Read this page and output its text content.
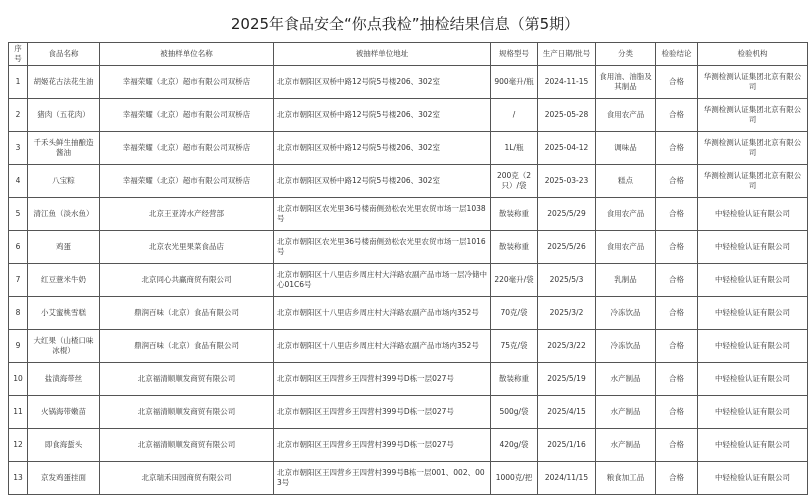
2025年食品安全“你点我检”抽检结果信息（第5期）
序号	食品名称	被抽样单位名称	被抽样单位地址	规格型号	生产日期/批号	分类	检验结论	检验机构
1	胡姬花古法花生油	幸福荣耀（北京）超市有限公司双桥店	北京市朝阳区双桥中路12号院5号楼206、302室	900毫升/瓶	2024-11-15	食用油、油脂及其制品	合格	华测检测认证集团北京有限公司
2	猪肉（五花肉）	幸福荣耀（北京）超市有限公司双桥店	北京市朝阳区双桥中路12号院5号楼206、302室	/	2025-05-28	食用农产品	合格	华测检测认证集团北京有限公司
3	千禾头鲜生抽酿造酱油	幸福荣耀（北京）超市有限公司双桥店	北京市朝阳区双桥中路12号院5号楼206、302室	1L/瓶	2025-04-12	调味品	合格	华测检测认证集团北京有限公司
4	八宝粽	幸福荣耀（北京）超市有限公司双桥店	北京市朝阳区双桥中路12号院5号楼206、302室	200克（2只）/袋	2025-03-23	糕点	合格	华测检测认证集团北京有限公司
5	清江鱼（淡水鱼）	北京王亚涛水产经营部	北京市朝阳区农光里36号楼南侧劲松农光里农贸市场一层1038号	散装称重	2025/5/29	食用农产品	合格	中轻检验认证有限公司
6	鸡蛋	北京农光里果菜食品店	北京市朝阳区农光里36号楼南侧劲松农光里农贸市场一层1016号	散装称重	2025/5/26	食用农产品	合格	中轻检验认证有限公司
7	红豆薏米牛奶	北京同心共赢商贸有限公司	北京市朝阳区十八里店乡周庄村大洋路农副产品市场一层冷储中心01C6号	220毫升/袋	2025/5/3	乳制品	合格	中轻检验认证有限公司
8	小艾蜜桃雪糕	鼎润百味（北京）食品有限公司	北京市朝阳区十八里店乡周庄村大洋路农副产品市场内352号	70克/袋	2025/3/2	冷冻饮品	合格	中轻检验认证有限公司
9	大红果（山楂口味冰棍）	鼎润百味（北京）食品有限公司	北京市朝阳区十八里店乡周庄村大洋路农副产品市场内352号	75克/袋	2025/3/22	冷冻饮品	合格	中轻检验认证有限公司
10	盐渍海带丝	北京福清顺顺发商贸有限公司	北京市朝阳区王四营乡王四营村399号D栋一层027号	散装称重	2025/5/19	水产制品	合格	中轻检验认证有限公司
11	火锅海带嫩苗	北京福清顺顺发商贸有限公司	北京市朝阳区王四营乡王四营村399号D栋一层027号	500g/袋	2025/4/15	水产制品	合格	中轻检验认证有限公司
12	即食海蜇头	北京福清顺顺发商贸有限公司	北京市朝阳区王四营乡王四营村399号D栋一层027号	420g/袋	2025/1/16	水产制品	合格	中轻检验认证有限公司
13	京发鸡蛋挂面	北京瑞禾田园商贸有限公司	北京市朝阳区王四营乡王四营村399号B栋一层001、002、003号	1000克/把	2024/11/15	粮食加工品	合格	中轻检验认证有限公司
